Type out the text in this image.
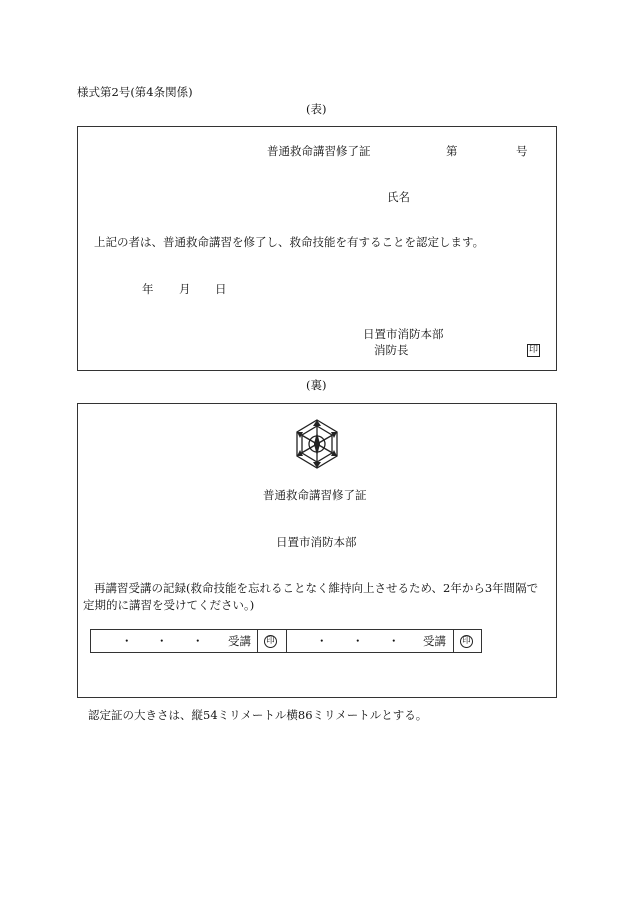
様式第2号(第4条関係)
(表)
普通救命講習修了証	第	号
氏名
上記の者は、普通救命講習を修了し、救命技能を有することを認定します。
年 月 日
日置市消防本部
消防長	印
(裏)
普通救命講習修了証
日置市消防本部
再講習受講の記録(救命技能を忘れることなく維持向上させるため、2年から3年間隔で
定期的に講習を受けてください。)
・ ・ ・ 受講 印	・ ・ ・ 受講 印
認定証の大きさは、縦54ミリメートル横86ミリメートルとする。
